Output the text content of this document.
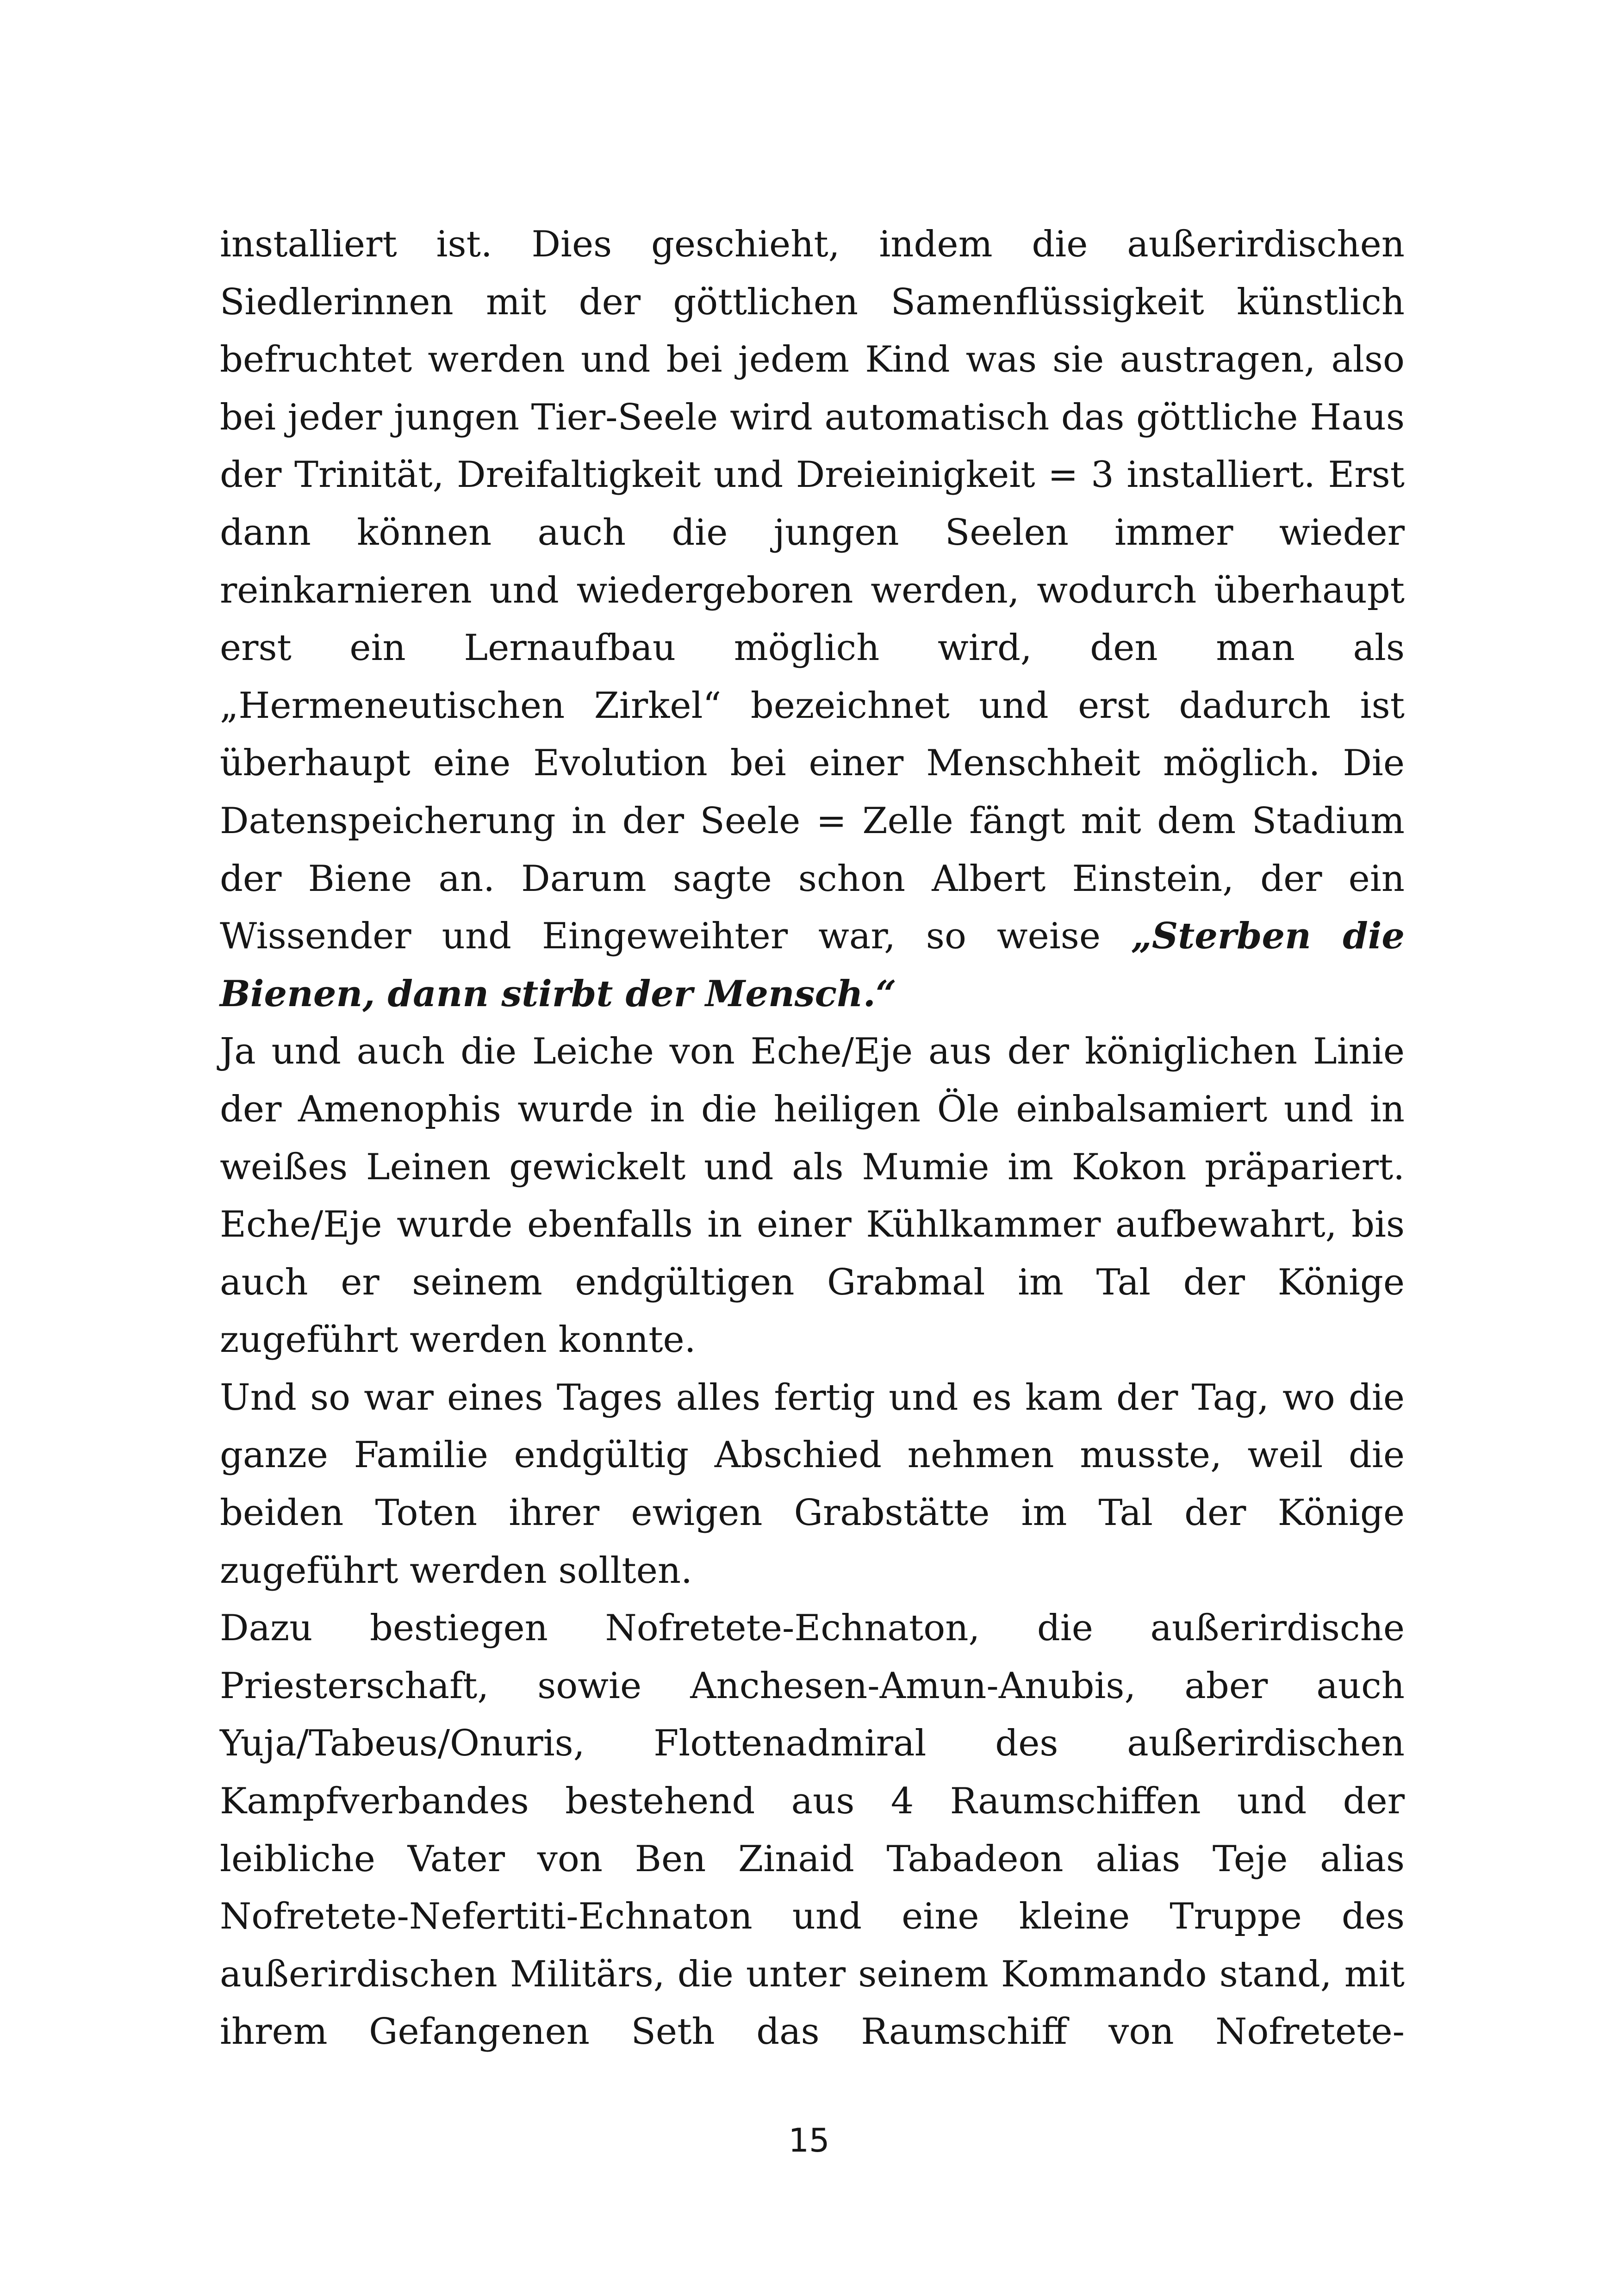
installiert ist. Dies geschieht, indem die außerirdischen Siedlerinnen mit der göttlichen Samenflüssigkeit künstlich befruchtet werden und bei jedem Kind was sie austragen, also bei jeder jungen Tier-Seele wird automatisch das göttliche Haus der Trinität, Dreifaltigkeit und Dreieinigkeit = 3 installiert. Erst dann können auch die jungen Seelen immer wieder reinkarnieren und wiedergeboren werden, wodurch überhaupt erst ein Lernaufbau möglich wird, den man als „Hermeneutischen Zirkel“ bezeichnet und erst dadurch ist überhaupt eine Evolution bei einer Menschheit möglich. Die Datenspeicherung in der Seele = Zelle fängt mit dem Stadium der Biene an. Darum sagte schon Albert Einstein, der ein Wissender und Eingeweihter war, so weise „Sterben die Bienen, dann stirbt der Mensch.“

Ja und auch die Leiche von Eche/Eje aus der königlichen Linie der Amenophis wurde in die heiligen Öle einbalsamiert und in weißes Leinen gewickelt und als Mumie im Kokon präpariert. Eche/Eje wurde ebenfalls in einer Kühlkammer aufbewahrt, bis auch er seinem endgültigen Grabmal im Tal der Könige zugeführt werden konnte.

Und so war eines Tages alles fertig und es kam der Tag, wo die ganze Familie endgültig Abschied nehmen musste, weil die beiden Toten ihrer ewigen Grabstätte im Tal der Könige zugeführt werden sollten.

Dazu bestiegen Nofretete-Echnaton, die außerirdische Priesterschaft, sowie Anchesen-Amun-Anubis, aber auch Yuja/Tabeus/Onuris, Flottenadmiral des außerirdischen Kampfverbandes bestehend aus 4 Raumschiffen und der leibliche Vater von Ben Zinaid Tabadeon alias Teje alias Nofretete-Nefertiti-Echnaton und eine kleine Truppe des außerirdischen Militärs, die unter seinem Kommando stand, mit ihrem Gefangenen Seth das Raumschiff von Nofretete-

15
